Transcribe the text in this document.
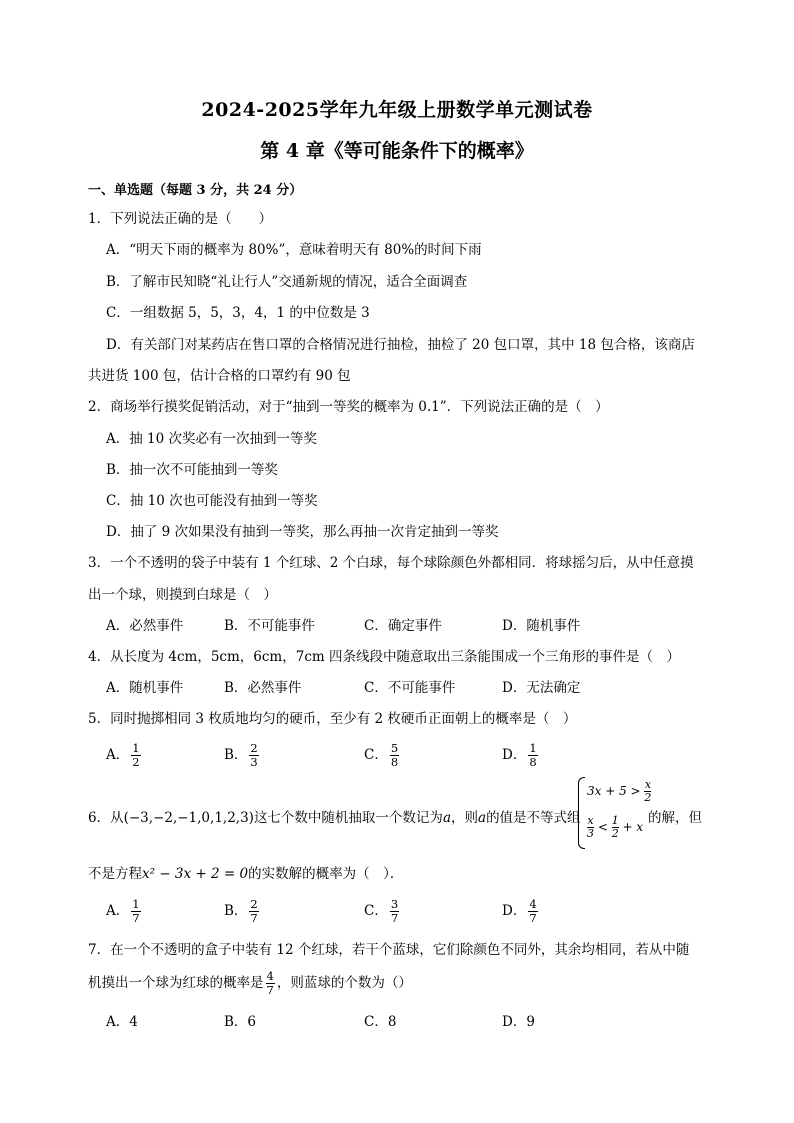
2024-2025学年九年级上册数学单元测试卷
第 4 章《等可能条件下的概率》
一、单选题（每题 3 分，共 24 分）
1．下列说法正确的是（　　）
A．“明天下雨的概率为 80%”，意味着明天有 80%的时间下雨
B．了解市民知晓“礼让行人”交通新规的情况，适合全面调查
C．一组数据 5，5，3，4，1 的中位数是 3
D．有关部门对某药店在售口罩的合格情况进行抽检，抽检了 20 包口罩，其中 18 包合格，该商店
共进货 100 包，估计合格的口罩约有 90 包
2．商场举行摸奖促销活动，对于“抽到一等奖的概率为 0.1”．下列说法正确的是（　）
A．抽 10 次奖必有一次抽到一等奖
B．抽一次不可能抽到一等奖
C．抽 10 次也可能没有抽到一等奖
D．抽了 9 次如果没有抽到一等奖，那么再抽一次肯定抽到一等奖
3．一个不透明的袋子中装有 1 个红球、2 个白球，每个球除颜色外都相同．将球摇匀后，从中任意摸
出一个球，则摸到白球是（　）
A．必然事件	B．不可能事件	C．确定事件	D．随机事件
4．从长度为 4cm，5cm，6cm，7cm 四条线段中随意取出三条能围成一个三角形的事件是（　）
A．随机事件	B．必然事件	C．不可能事件	D．无法确定
5．同时抛掷相同 3 枚质地均匀的硬币，至少有 2 枚硬币正面朝上的概率是（　）
A． $\frac{1}{2}$	B． $\frac{2}{3}$	C． $\frac{5}{8}$	D． $\frac{1}{8}$
6．从(−3,−2,−1,0,1,2,3)这七个数中随机抽取一个数记为a，则a的值是不等式组
$3x + 5 > \frac{x}{2}$
$\frac{x}{3} < \frac{1}{2} + x$
的解，但
不是方程x² − 3x + 2 = 0的实数解的概率为（　）．
A． $\frac{1}{7}$	B． $\frac{2}{7}$	C． $\frac{3}{7}$	D． $\frac{4}{7}$
7．在一个不透明的盒子中装有 12 个红球，若干个蓝球，它们除颜色不同外，其余均相同，若从中随
机摸出一个球为红球的概率是 $\frac{4}{7}$ ，则蓝球的个数为（）
A．4	B．6	C．8	D．9
